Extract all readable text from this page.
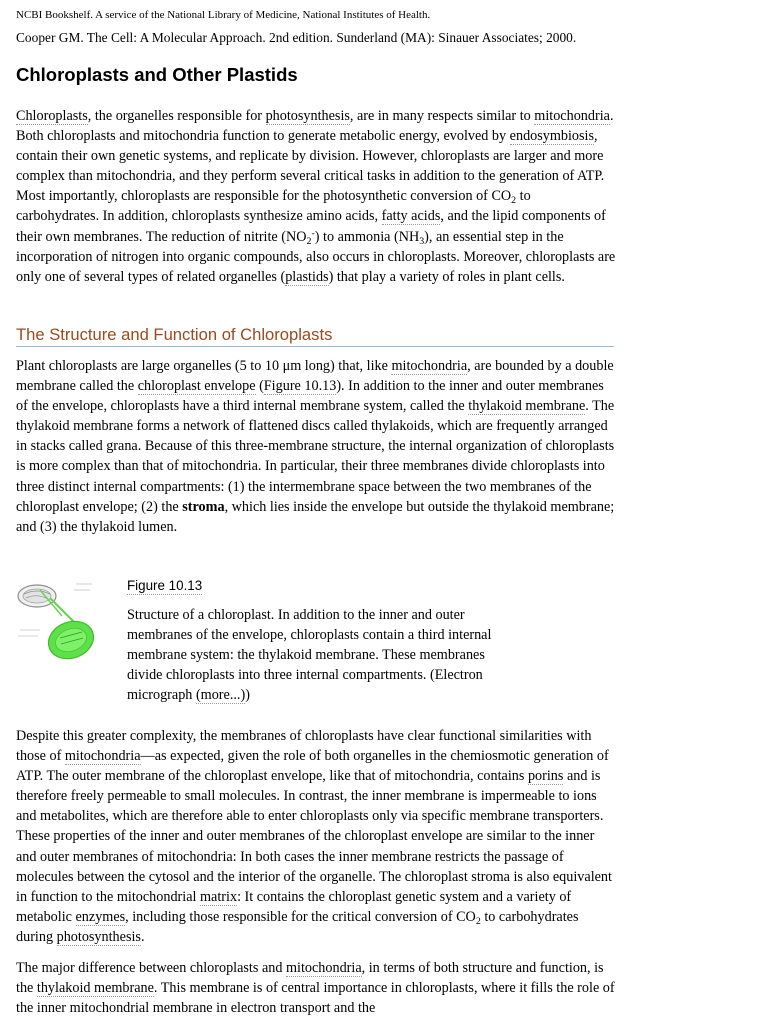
NCBI Bookshelf. A service of the National Library of Medicine, National Institutes of Health.
Cooper GM. The Cell: A Molecular Approach. 2nd edition. Sunderland (MA): Sinauer Associates; 2000.
Chloroplasts and Other Plastids

Chloroplasts, the organelles responsible for photosynthesis, are in many respects similar to mitochondria. Both chloroplasts and mitochondria function to generate metabolic energy, evolved by endosymbiosis, contain their own genetic systems, and replicate by division. However, chloroplasts are larger and more complex than mitochondria, and they perform several critical tasks in addition to the generation of ATP. Most importantly, chloroplasts are responsible for the photosynthetic conversion of $CO_2$ to carbohydrates. In addition, chloroplasts synthesize amino acids, fatty acids, and the lipid components of their own membranes. The reduction of nitrite $(NO_2^-)$ to ammonia $(NH_3)$, an essential step in the incorporation of nitrogen into organic compounds, also occurs in chloroplasts. Moreover, chloroplasts are only one of several types of related organelles (plastids) that play a variety of roles in plant cells.

The Structure and Function of Chloroplasts

Plant chloroplasts are large organelles (5 to 10 μm long) that, like mitochondria, are bounded by a double membrane called the chloroplast envelope (Figure 10.13). In addition to the inner and outer membranes of the envelope, chloroplasts have a third internal membrane system, called the thylakoid membrane. The thylakoid membrane forms a network of flattened discs called thylakoids, which are frequently arranged in stacks called grana. Because of this three-membrane structure, the internal organization of chloroplasts is more complex than that of mitochondria. In particular, their three membranes divide chloroplasts into three distinct internal compartments: (1) the intermembrane space between the two membranes of the chloroplast envelope; (2) the stroma, which lies inside the envelope but outside the thylakoid membrane; and (3) the thylakoid lumen.

Figure 10.13

Structure of a chloroplast. In addition to the inner and outer membranes of the envelope, chloroplasts contain a third internal membrane system: the thylakoid membrane. These membranes divide chloroplasts into three internal compartments. (Electron micrograph (more...))

Despite this greater complexity, the membranes of chloroplasts have clear functional similarities with those of mitochondria—as expected, given the role of both organelles in the chemiosmotic generation of ATP. The outer membrane of the chloroplast envelope, like that of mitochondria, contains porins and is therefore freely permeable to small molecules. In contrast, the inner membrane is impermeable to ions and metabolites, which are therefore able to enter chloroplasts only via specific membrane transporters. These properties of the inner and outer membranes of the chloroplast envelope are similar to the inner and outer membranes of mitochondria: In both cases the inner membrane restricts the passage of molecules between the cytosol and the interior of the organelle. The chloroplast stroma is also equivalent in function to the mitochondrial matrix: It contains the chloroplast genetic system and a variety of metabolic enzymes, including those responsible for the critical conversion of $CO_2$ to carbohydrates during photosynthesis.

The major difference between chloroplasts and mitochondria, in terms of both structure and function, is the thylakoid membrane. This membrane is of central importance in chloroplasts, where it fills the role of the inner mitochondrial membrane in electron transport and the
